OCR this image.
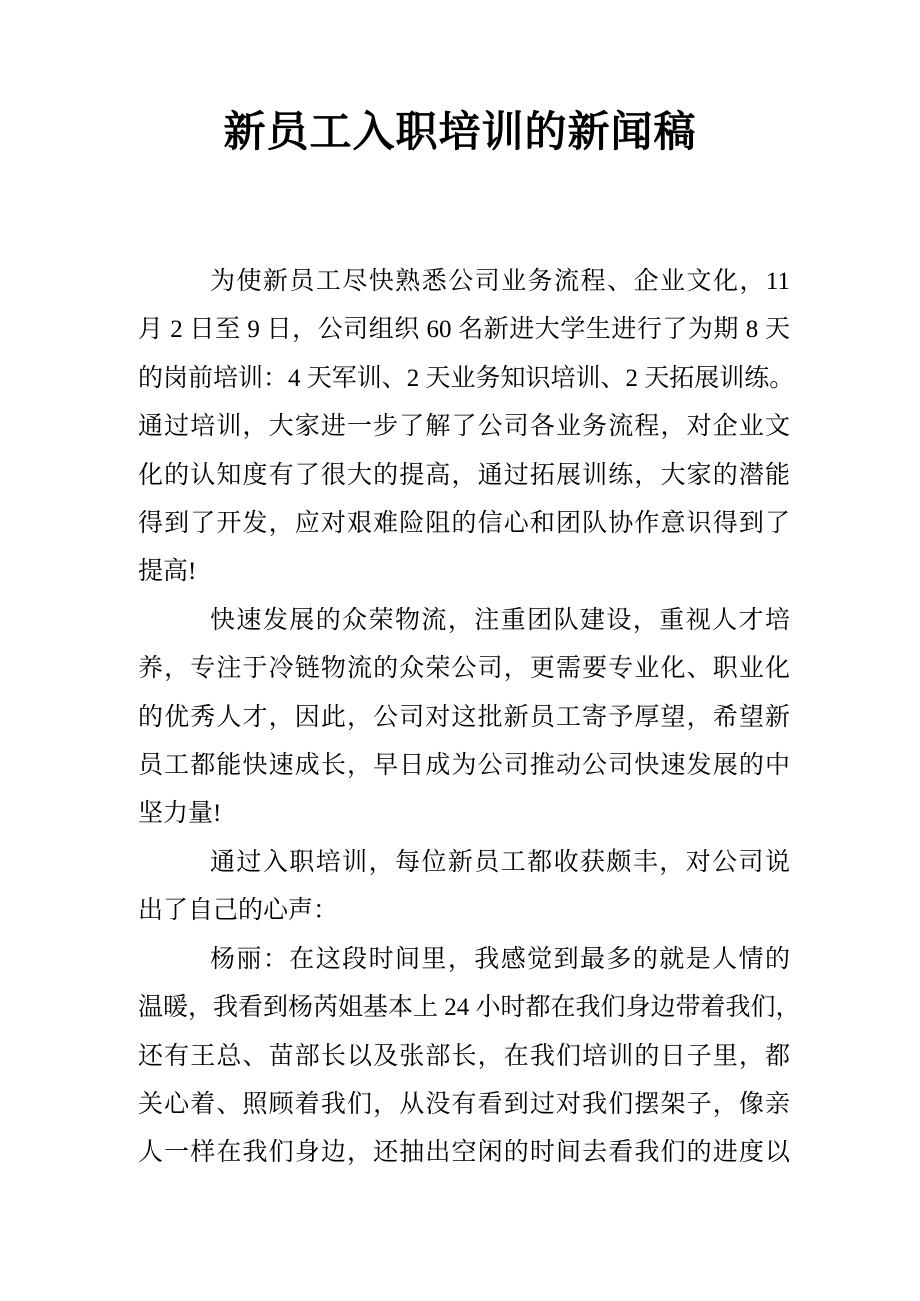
新员工入职培训的新闻稿
为使新员工尽快熟悉公司业务流程、企业文化，11
月 2 日至 9 日，公司组织 60 名新进大学生进行了为期 8 天
的岗前培训：4 天军训、2 天业务知识培训、2 天拓展训练。
通过培训，大家进一步了解了公司各业务流程，对企业文
化的认知度有了很大的提高，通过拓展训练，大家的潜能
得到了开发，应对艰难险阻的信心和团队协作意识得到了
提高!
快速发展的众荣物流，注重团队建设，重视人才培
养，专注于冷链物流的众荣公司，更需要专业化、职业化
的优秀人才，因此，公司对这批新员工寄予厚望，希望新
员工都能快速成长，早日成为公司推动公司快速发展的中
坚力量!
通过入职培训，每位新员工都收获颇丰，对公司说
出了自己的心声：
杨丽：在这段时间里，我感觉到最多的就是人情的
温暖，我看到杨芮姐基本上 24 小时都在我们身边带着我们，
还有王总、苗部长以及张部长，在我们培训的日子里，都
关心着、照顾着我们，从没有看到过对我们摆架子，像亲
人一样在我们身边，还抽出空闲的时间去看我们的进度以
